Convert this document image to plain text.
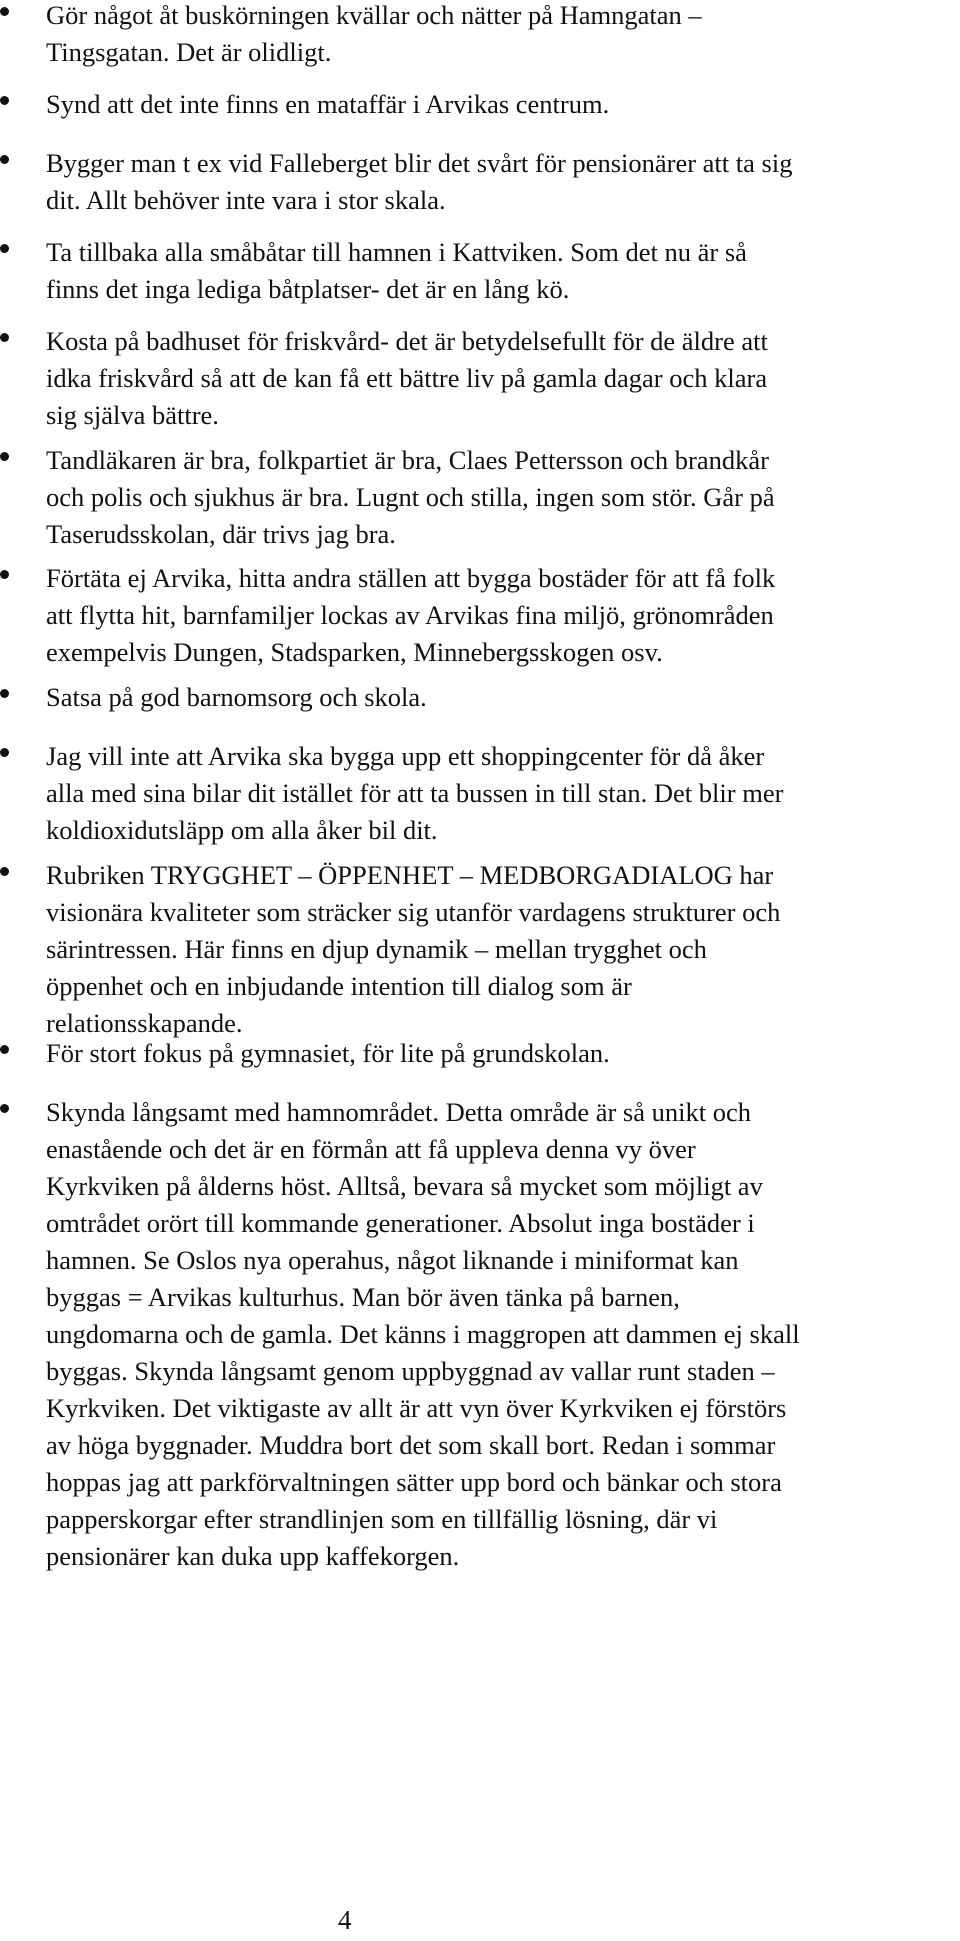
Gör något åt buskörningen kvällar och nätter på Hamngatan –
Tingsgatan. Det är olidligt.
Synd att det inte finns en mataffär i Arvikas centrum.
Bygger man t ex vid Falleberget blir det svårt för pensionärer att ta sig
dit. Allt behöver inte vara i stor skala.
Ta tillbaka alla småbåtar till hamnen i Kattviken. Som det nu är så
finns det inga lediga båtplatser- det är en lång kö.
Kosta på badhuset för friskvård- det är betydelsefullt för de äldre att
idka friskvård så att de kan få ett bättre liv på gamla dagar och klara
sig själva bättre.
Tandläkaren är bra, folkpartiet är bra, Claes Pettersson och brandkår
och polis och sjukhus är bra. Lugnt och stilla, ingen som stör. Går på
Taserudsskolan, där trivs jag bra.
Förtäta ej Arvika, hitta andra ställen att bygga bostäder för att få folk
att flytta hit, barnfamiljer lockas av Arvikas fina miljö, grönområden
exempelvis Dungen, Stadsparken, Minnebergsskogen osv.
Satsa på god barnomsorg och skola.
Jag vill inte att Arvika ska bygga upp ett shoppingcenter för då åker
alla med sina bilar dit istället för att ta bussen in till stan. Det blir mer
koldioxidutsläpp om alla åker bil dit.
Rubriken TRYGGHET – ÖPPENHET – MEDBORGADIALOG har
visionära kvaliteter som sträcker sig utanför vardagens strukturer och
särintressen. Här finns en djup dynamik – mellan trygghet och
öppenhet och en inbjudande intention till dialog som är
relationsskapande.
För stort fokus på gymnasiet, för lite på grundskolan.
Skynda långsamt med hamnområdet. Detta område är så unikt och
enastående och det är en förmån att få uppleva denna vy över
Kyrkviken på ålderns höst. Alltså, bevara så mycket som möjligt av
omtrådet orört till kommande generationer. Absolut inga bostäder i
hamnen. Se Oslos nya operahus, något liknande i miniformat kan
byggas = Arvikas kulturhus. Man bör även tänka på barnen,
ungdomarna och de gamla. Det känns i maggropen att dammen ej skall
byggas. Skynda långsamt genom uppbyggnad av vallar runt staden –
Kyrkviken. Det viktigaste av allt är att vyn över Kyrkviken ej förstörs
av höga byggnader. Muddra bort det som skall bort. Redan i sommar
hoppas jag att parkförvaltningen sätter upp bord och bänkar och stora
papperskorgar efter strandlinjen som en tillfällig lösning, där vi
pensionärer kan duka upp kaffekorgen.
4
